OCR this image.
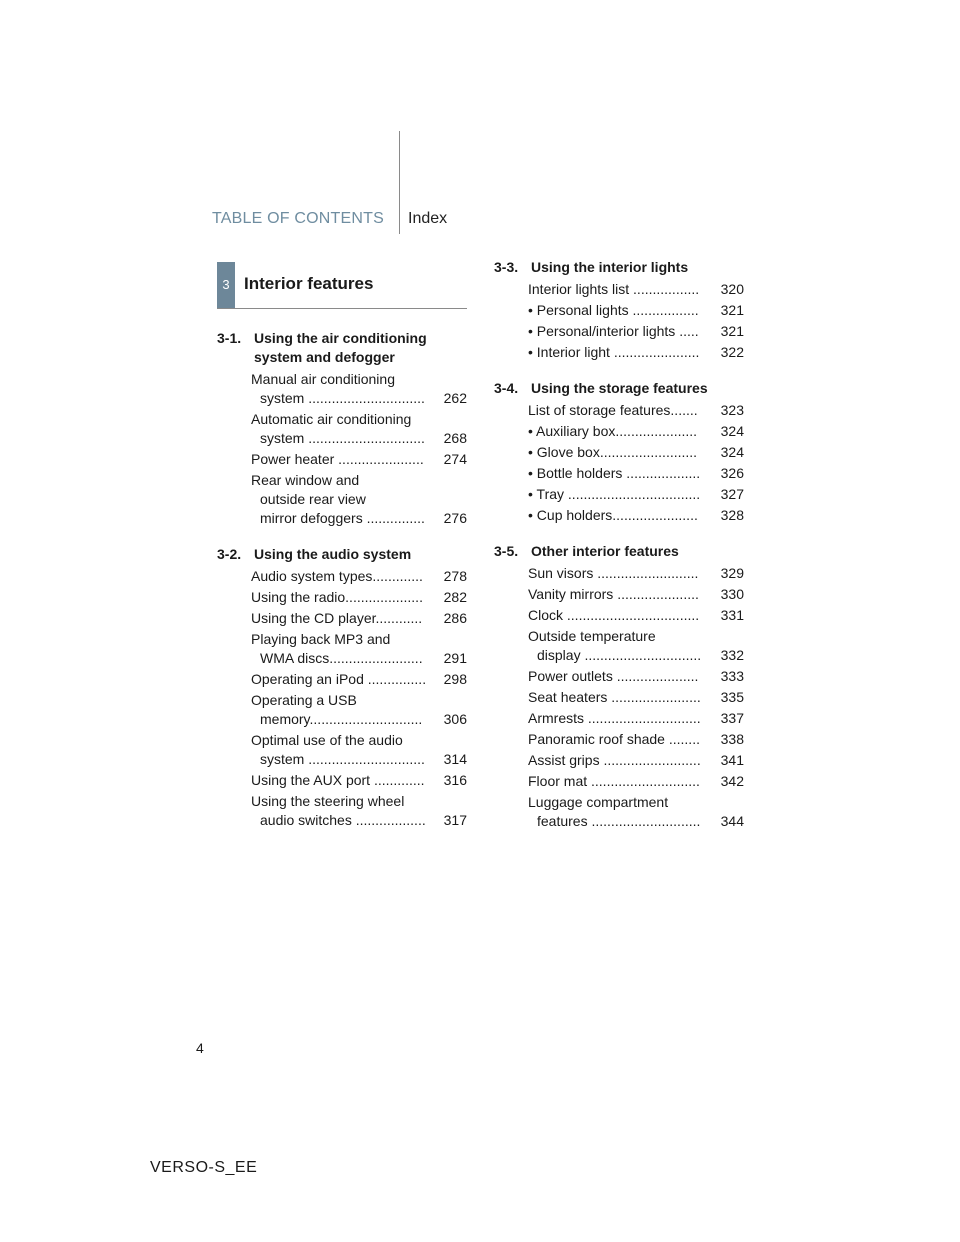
TABLE OF CONTENTS Index
3 Interior features
3-1. Using the air conditioning
system and defogger
Manual air conditioning
system ..............................	262
Automatic air conditioning
system ..............................	268
Power heater ......................	274
Rear window and
outside rear view
mirror defoggers ...............	276
3-2. Using the audio system
Audio system types.............	278
Using the radio....................	282
Using the CD player............	286
Playing back MP3 and
WMA discs........................	291
Operating an iPod ...............	298
Operating a USB
memory.............................	306
Optimal use of the audio
system ..............................	314
Using the AUX port .............	316
Using the steering wheel
audio switches ..................	317
3-3. Using the interior lights
Interior lights list .................	320
• Personal lights .................	321
• Personal/interior lights .....	321
• Interior light ......................	322
3-4. Using the storage features
List of storage features.......	323
• Auxiliary box.....................	324
• Glove box.........................	324
• Bottle holders ...................	326
• Tray ..................................	327
• Cup holders......................	328
3-5. Other interior features
Sun visors ..........................	329
Vanity mirrors .....................	330
Clock ..................................	331
Outside temperature
display ..............................	332
Power outlets .....................	333
Seat heaters .......................	335
Armrests .............................	337
Panoramic roof shade ........	338
Assist grips .........................	341
Floor mat ............................	342
Luggage compartment
features ............................	344
4
VERSO-S_EE
